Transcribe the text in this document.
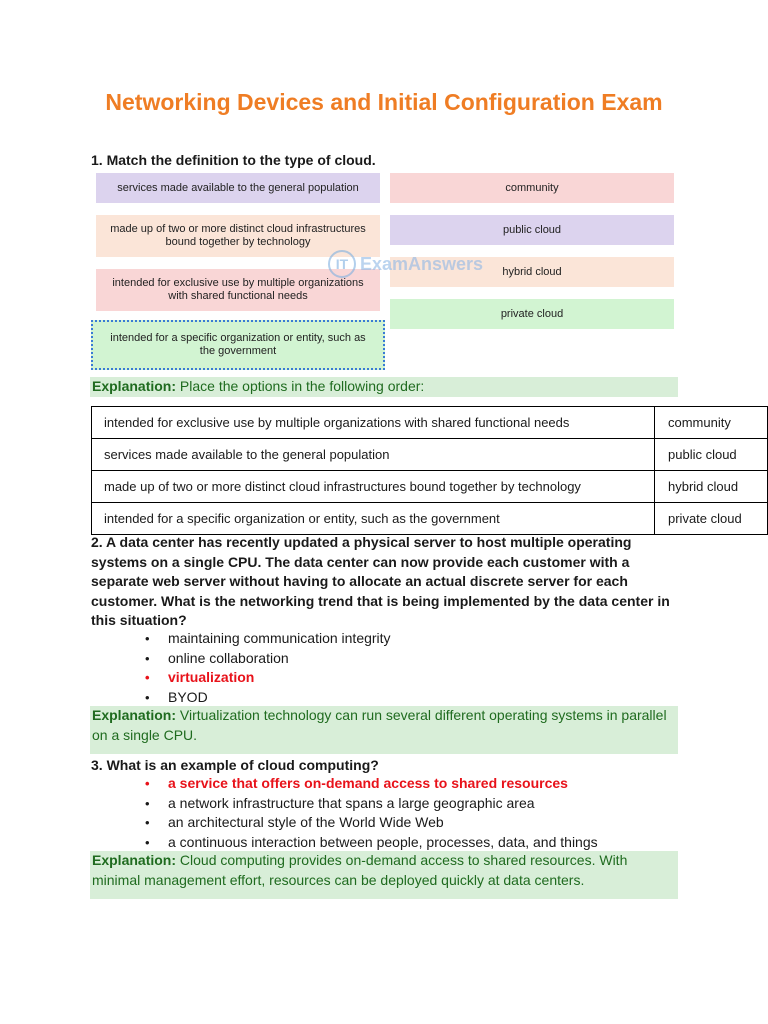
Networking Devices and Initial Configuration Exam
1. Match the definition to the type of cloud.
services made available to the general population
made up of two or more distinct cloud infrastructures bound together by technology
intended for exclusive use by multiple organizations with shared functional needs
intended for a specific organization or entity, such as the government
community
public cloud
hybrid cloud
private cloud
IT ExamAnswers
Explanation: Place the options in the following order:
intended for exclusive use by multiple organizations with shared functional needs	community
services made available to the general population	public cloud
made up of two or more distinct cloud infrastructures bound together by technology	hybrid cloud
intended for a specific organization or entity, such as the government	private cloud
2. A data center has recently updated a physical server to host multiple operating systems on a single CPU. The data center can now provide each customer with a separate web server without having to allocate an actual discrete server for each customer. What is the networking trend that is being implemented by the data center in this situation?
• maintaining communication integrity
• online collaboration
• virtualization
• BYOD
Explanation: Virtualization technology can run several different operating systems in parallel on a single CPU.
3. What is an example of cloud computing?
• a service that offers on-demand access to shared resources
• a network infrastructure that spans a large geographic area
• an architectural style of the World Wide Web
• a continuous interaction between people, processes, data, and things
Explanation: Cloud computing provides on-demand access to shared resources. With minimal management effort, resources can be deployed quickly at data centers.
